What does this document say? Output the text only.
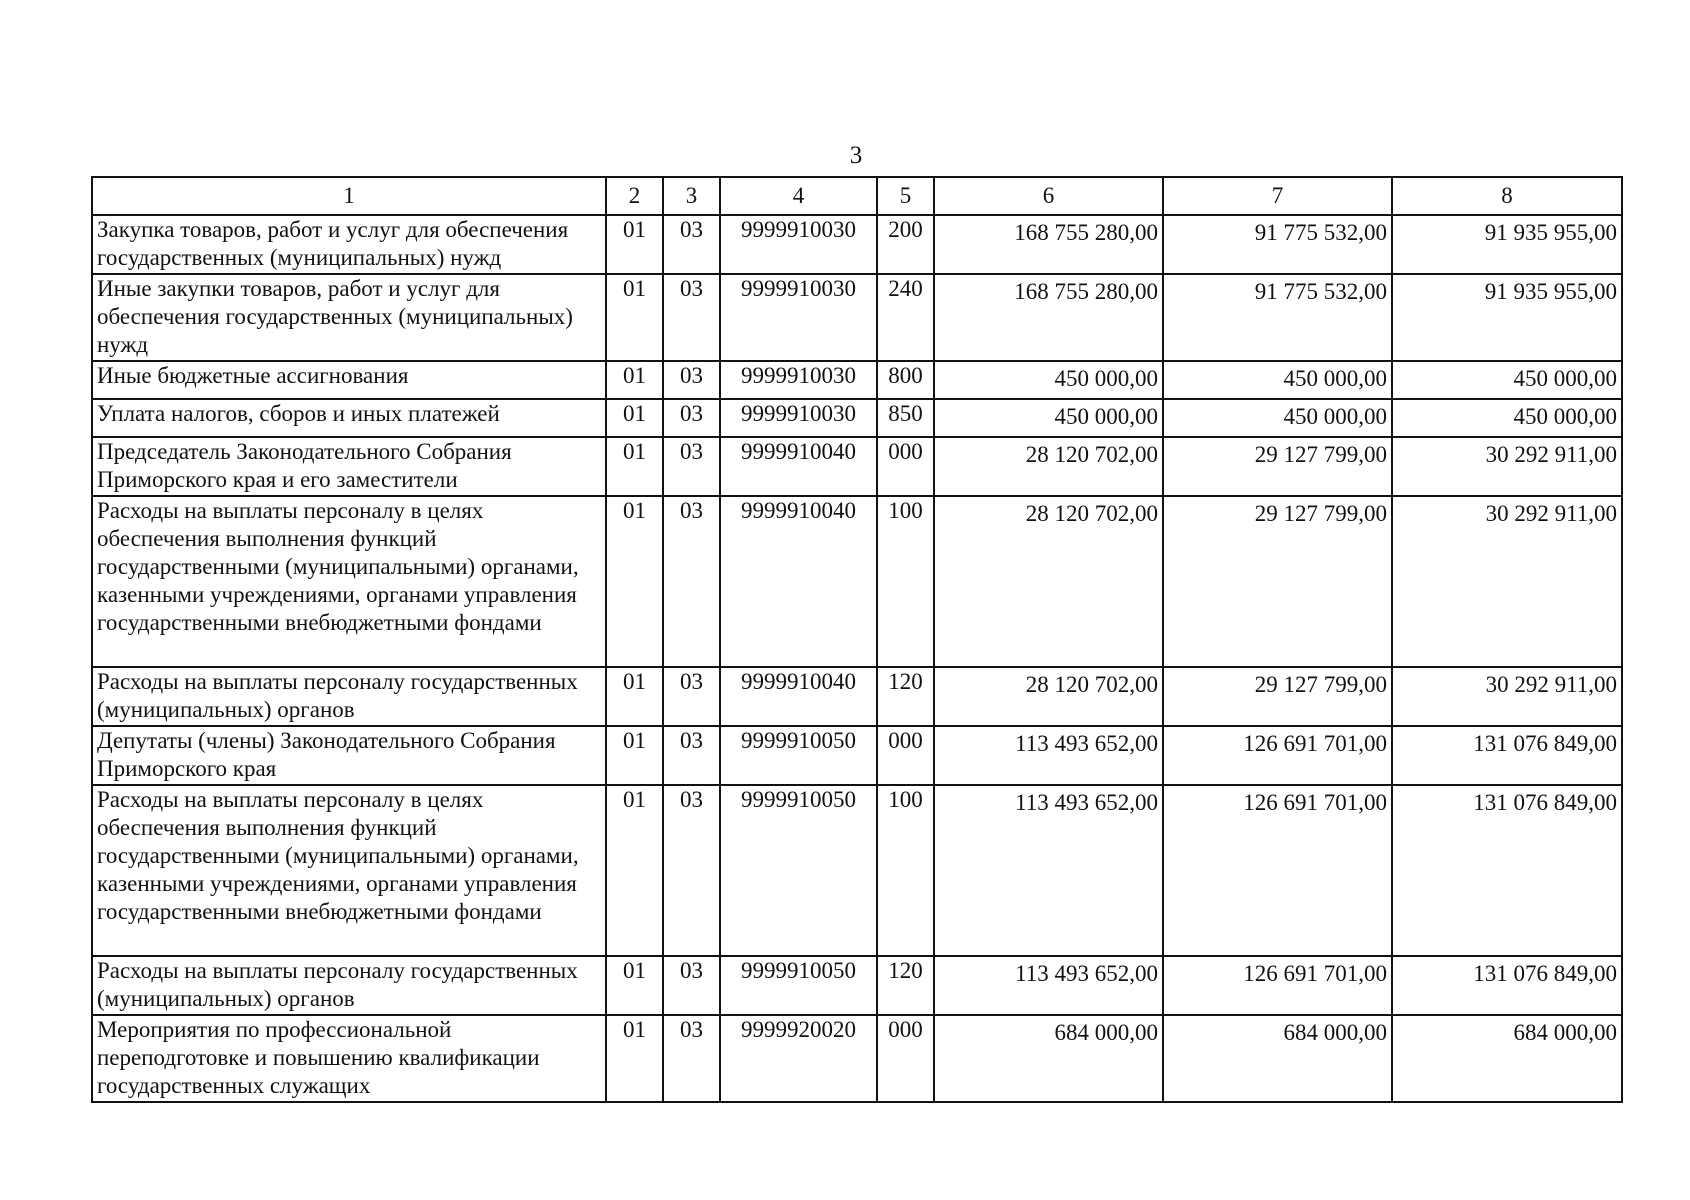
3
1	2	3	4	5	6	7	8
Закупка товаров, работ и услуг для обеспечения государственных (муниципальных) нужд	01	03	9999910030	200	168 755 280,00	91 775 532,00	91 935 955,00
Иные закупки товаров, работ и услуг для обеспечения государственных (муниципальных) нужд	01	03	9999910030	240	168 755 280,00	91 775 532,00	91 935 955,00
Иные бюджетные ассигнования	01	03	9999910030	800	450 000,00	450 000,00	450 000,00
Уплата налогов, сборов и иных платежей	01	03	9999910030	850	450 000,00	450 000,00	450 000,00
Председатель Законодательного Собрания Приморского края и его заместители	01	03	9999910040	000	28 120 702,00	29 127 799,00	30 292 911,00
Расходы на выплаты персоналу в целях обеспечения выполнения функций государственными (муниципальными) органами, казенными учреждениями, органами управления государственными внебюджетными фондами	01	03	9999910040	100	28 120 702,00	29 127 799,00	30 292 911,00
Расходы на выплаты персоналу государственных (муниципальных) органов	01	03	9999910040	120	28 120 702,00	29 127 799,00	30 292 911,00
Депутаты (члены) Законодательного Собрания Приморского края	01	03	9999910050	000	113 493 652,00	126 691 701,00	131 076 849,00
Расходы на выплаты персоналу в целях обеспечения выполнения функций государственными (муниципальными) органами, казенными учреждениями, органами управления государственными внебюджетными фондами	01	03	9999910050	100	113 493 652,00	126 691 701,00	131 076 849,00
Расходы на выплаты персоналу государственных (муниципальных) органов	01	03	9999910050	120	113 493 652,00	126 691 701,00	131 076 849,00
Мероприятия по профессиональной переподготовке и повышению квалификации государственных служащих	01	03	9999920020	000	684 000,00	684 000,00	684 000,00
